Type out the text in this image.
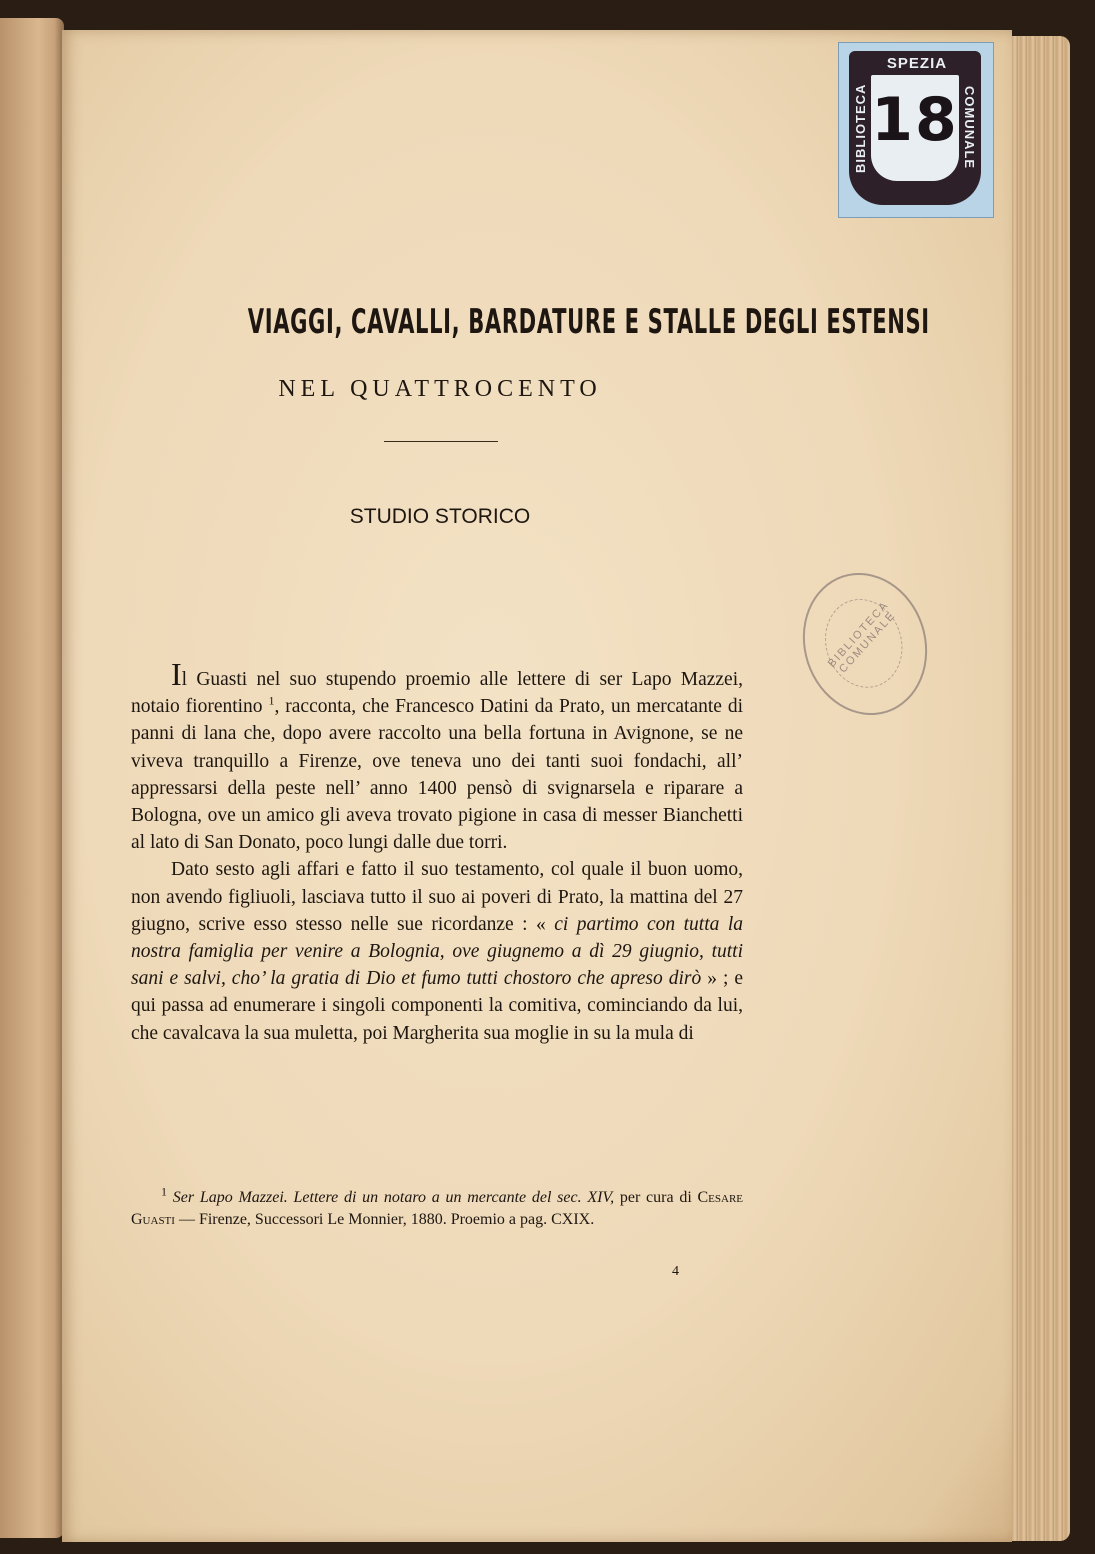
SPEZIA
BIBLIOTECA	COMUNALE
18
BIBLIOTECA COMUNALE
VIAGGI, CAVALLI, BARDATURE E STALLE DEGLI ESTENSI
NEL QUATTROCENTO
STUDIO STORICO

Il Guasti nel suo stupendo proemio alle lettere di ser Lapo Mazzei, notaio fiorentino $^1$, racconta, che Francesco Datini da Prato, un mercatante di panni di lana che, dopo avere raccolto una bella fortuna in Avignone, se ne viveva tranquillo a Firenze, ove teneva uno dei tanti suoi fondachi, all’ appressarsi della peste nell’ anno 1400 pensò di svignarsela e riparare a Bologna, ove un amico gli aveva trovato pigione in casa di messer Bianchetti al lato di San Donato, poco lungi dalle due torri.

Dato sesto agli affari e fatto il suo testamento, col quale il buon uomo, non avendo figliuoli, lasciava tutto il suo ai poveri di Prato, la mattina del 27 giugno, scrive esso stesso nelle sue ricordanze : « ci partimo con tutta la nostra famiglia per venire a Bolognia, ove giugnemo a dì 29 giugnio, tutti sani e salvi, cho’ la gratia di Dio et fumo tutti chostoro che apreso dirò » ; e qui passa ad enumerare i singoli componenti la comitiva, cominciando da lui, che cavalcava la sua muletta, poi Margherita sua moglie in su la mula di

$^1$ Ser Lapo Mazzei. Lettere di un notaro a un mercante del sec. XIV, per cura di Cesare Guasti — Firenze, Successori Le Monnier, 1880. Proemio a pag. CXIX.
4
